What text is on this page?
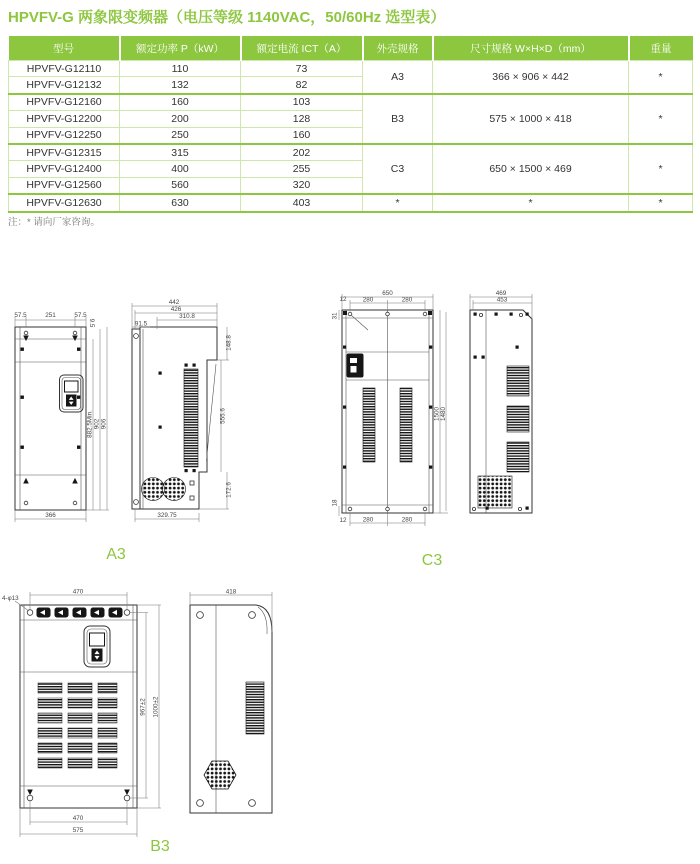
HPVFV-G 两象限变频器（电压等级 1140VAC，50/60Hz 选型表）
型号	额定功率 P（kW）	额定电流 ICT（A）	外壳规格	尺寸规格 W×H×D（mm）	重量
HPVFV-G12110	110	73	A3	366 × 906 × 442	*
HPVFV-G12132	132	82			
HPVFV-G12160	160	103	B3	575 × 1000 × 418	*
HPVFV-G12200	200	128			
HPVFV-G12250	250	160			
HPVFV-G12315	315	202	C3	650 × 1500 × 469	*
HPVFV-G12400	400	255			
HPVFV-G12560	560	320			
HPVFV-G12630	630	403	*	*	*
注：* 请向厂家咨询。
57.5	251	57.5
9.5
882.5Min. 902 906
366
442
426
310.8
91.5
148.8
555.6
172.6
329.75
A3
650
280	280
12
31
1500 1480
18
12	280	280
469
453
C3
4-φ13
470
967±2 1000±2
470
575
418
B3
